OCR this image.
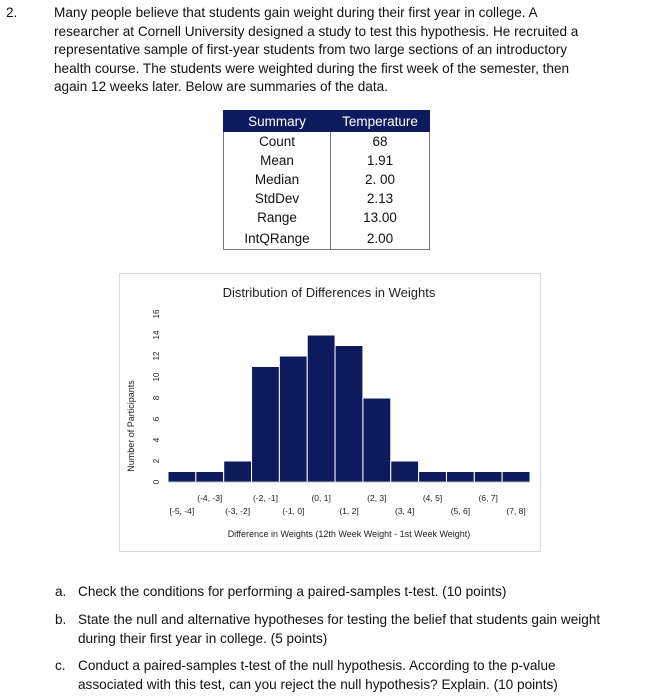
2.	Many people believe that students gain weight during their first year in college. A
researcher at Cornell University designed a study to test this hypothesis. He recruited a
representative sample of first-year students from two large sections of an introductory
health course. The students were weighted during the first week of the semester, then
again 12 weeks later. Below are summaries of the data.
Summary	Temperature
Count	68
Mean	1.91
Median	2. 00
StdDev	2.13
Range	13.00
IntQRange	2.00
Distribution of Differences in Weights
Number of Participants
Difference in Weights (12th Week Weight - 1st Week Weight)
0
2
4
6
8
10
12
14
16
[-5, -4]
(-4, -3]
(-3, -2]
(-2, -1]
(-1, 0]
(0, 1]
(1, 2]
(2, 3]
(3, 4]
(4, 5]
(5, 6]
(6, 7]
(7, 8]
a. Check the conditions for performing a paired-samples t-test. (10 points)
b. State the null and alternative hypotheses for testing the belief that students gain weight
during their first year in college. (5 points)
c. Conduct a paired-samples t-test of the null hypothesis. According to the p-value
associated with this test, can you reject the null hypothesis? Explain. (10 points)
